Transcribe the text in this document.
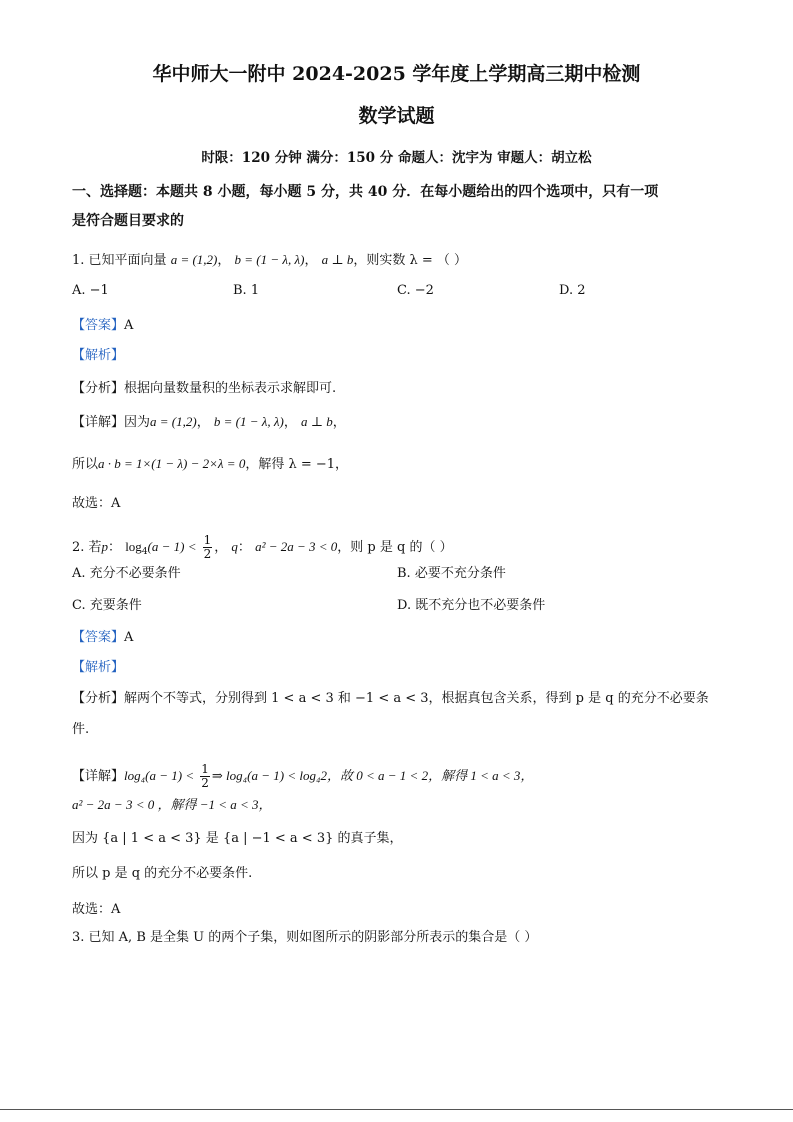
华中师大一附中 2024-2025 学年度上学期高三期中检测
数学试题
时限：120 分钟 满分：150 分 命题人：沈宇为 审题人：胡立松
一、选择题：本题共 8 小题，每小题 5 分，共 40 分．在每小题给出的四个选项中，只有一项
是符合题目要求的
1. 已知平面向量 a = (1,2)， b = (1 − λ, λ)， a ⊥ b，则实数 λ = （ ）
A. −1	B. 1	C. −2	D. 2
【答案】A
【解析】
【分析】根据向量数量积的坐标表示求解即可.
【详解】因为a = (1,2)， b = (1 − λ, λ)， a ⊥ b，
所以a · b = 1×(1 − λ) − 2×λ = 0，解得 λ = −1，
故选：A
2. 若p： $\log_4(a - 1) < \frac{1}{2}$ ， q： a² − 2a − 3 < 0，则 p 是 q 的（ ）
A. 充分不必要条件	B. 必要不充分条件
C. 充要条件	D. 既不充分也不必要条件
【答案】A
【解析】
【分析】解两个不等式，分别得到 1 < a < 3 和 −1 < a < 3，根据真包含关系，得到 p 是 q 的充分不必要条
件.
【详解】$\log_4(a - 1) < \frac{1}{2}$ ⇒ log₄(a − 1) < log₄2，故 0 < a − 1 < 2，解得 1 < a < 3，
a² − 2a − 3 < 0 ，解得 −1 < a < 3，
因为 {a | 1 < a < 3} 是 {a | −1 < a < 3} 的真子集，
所以 p 是 q 的充分不必要条件.
故选：A
3. 已知 A, B 是全集 U 的两个子集，则如图所示的阴影部分所表示的集合是（ ）
